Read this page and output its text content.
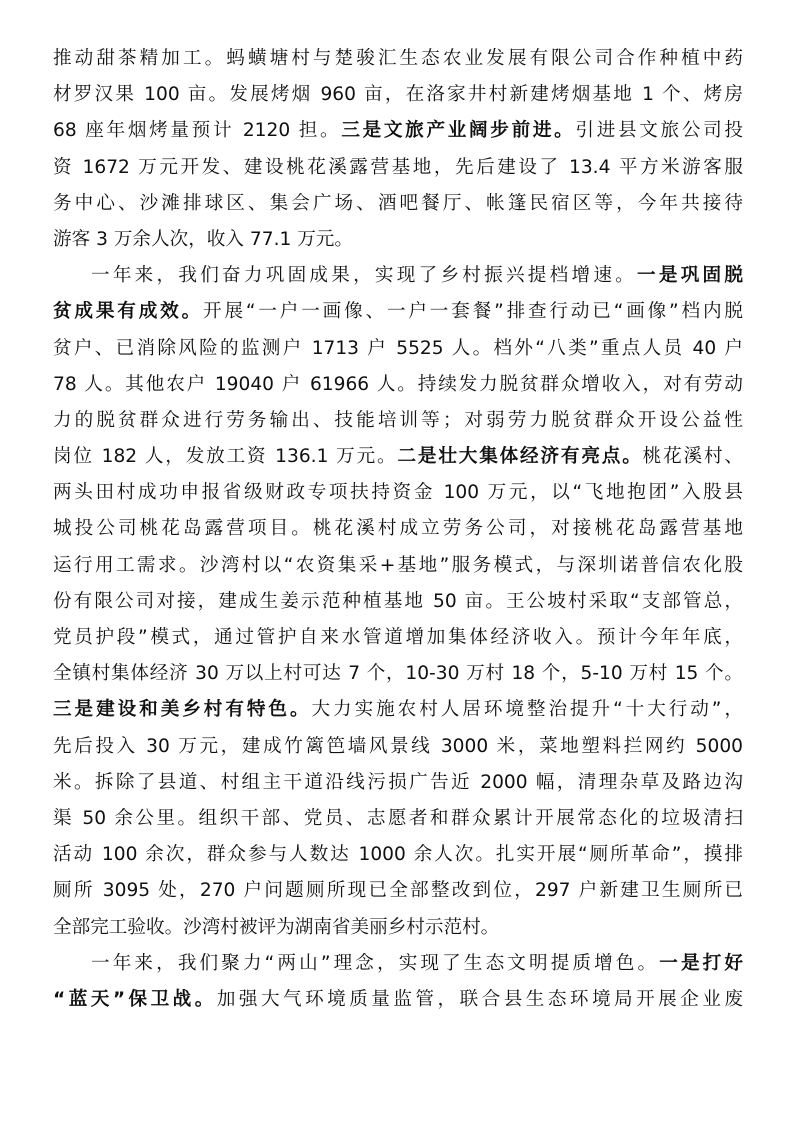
推动甜茶精加工。蚂蟥塘村与楚骏汇生态农业发展有限公司合作种植中药
材罗汉果 100 亩。发展烤烟 960 亩，在洛家井村新建烤烟基地 1 个、烤房
68 座年烟烤量预计 2120 担。三是文旅产业阔步前进。引进县文旅公司投
资 1672 万元开发、建设桃花溪露营基地，先后建设了 13.4 平方米游客服
务中心、沙滩排球区、集会广场、酒吧餐厅、帐篷民宿区等，今年共接待
游客 3 万余人次，收入 77.1 万元。
一年来，我们奋力巩固成果，实现了乡村振兴提档增速。一是巩固脱
贫成果有成效。开展“一户一画像、一户一套餐”排查行动已“画像”档内脱
贫户、已消除风险的监测户 1713 户 5525 人。档外“八类”重点人员 40 户
78 人。其他农户 19040 户 61966 人。持续发力脱贫群众增收入，对有劳动
力的脱贫群众进行劳务输出、技能培训等；对弱劳力脱贫群众开设公益性
岗位 182 人，发放工资 136.1 万元。二是壮大集体经济有亮点。桃花溪村、
两头田村成功申报省级财政专项扶持资金 100 万元，以“飞地抱团”入股县
城投公司桃花岛露营项目。桃花溪村成立劳务公司，对接桃花岛露营基地
运行用工需求。沙湾村以“农资集采+基地”服务模式，与深圳诺普信农化股
份有限公司对接，建成生姜示范种植基地 50 亩。王公坡村采取“支部管总，
党员护段”模式，通过管护自来水管道增加集体经济收入。预计今年年底，
全镇村集体经济 30 万以上村可达 7 个，10-30 万村 18 个，5-10 万村 15 个。
三是建设和美乡村有特色。大力实施农村人居环境整治提升“十大行动”，
先后投入 30 万元，建成竹篱笆墙风景线 3000 米，菜地塑料拦网约 5000
米。拆除了县道、村组主干道沿线污损广告近 2000 幅，清理杂草及路边沟
渠 50 余公里。组织干部、党员、志愿者和群众累计开展常态化的垃圾清扫
活动 100 余次，群众参与人数达 1000 余人次。扎实开展“厕所革命”，摸排
厕所 3095 处，270 户问题厕所现已全部整改到位，297 户新建卫生厕所已
全部完工验收。沙湾村被评为湖南省美丽乡村示范村。
一年来，我们聚力“两山”理念，实现了生态文明提质增色。一是打好
“蓝天”保卫战。加强大气环境质量监管，联合县生态环境局开展企业废
